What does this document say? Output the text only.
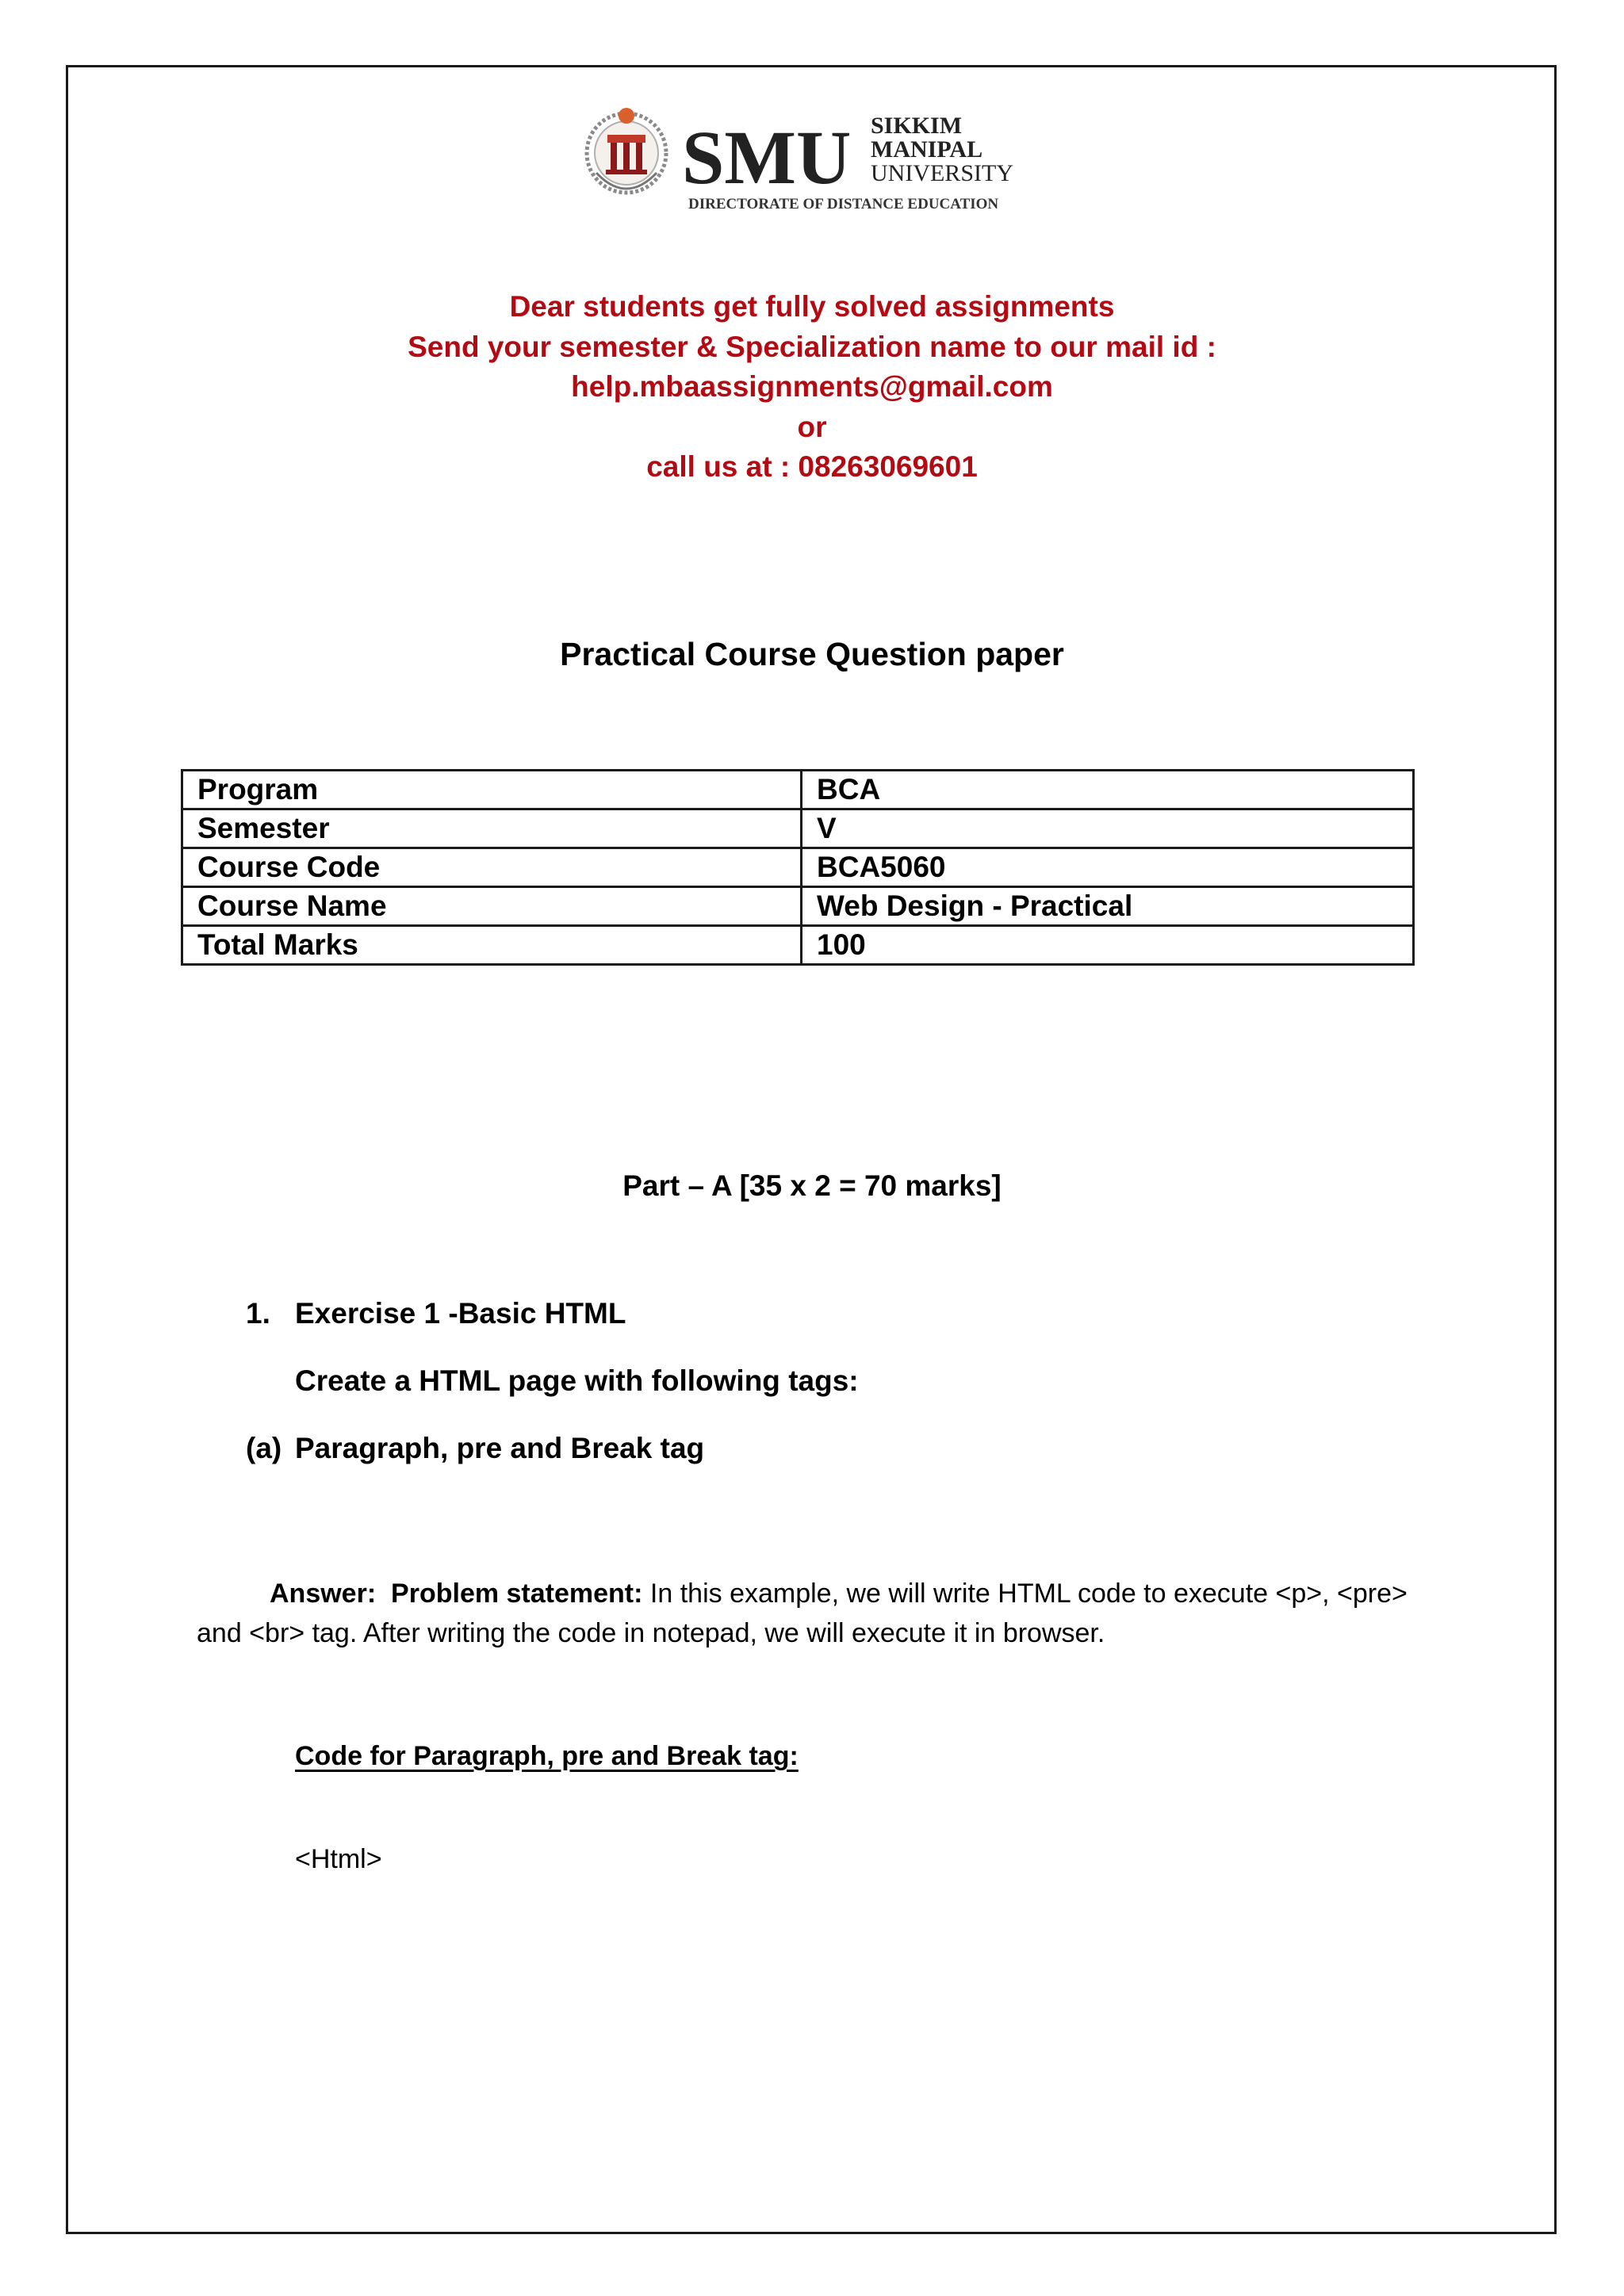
SMU SIKKIM
MANIPAL
UNIVERSITY
DIRECTORATE OF DISTANCE EDUCATION
Dear students get fully solved assignments
Send your semester & Specialization name to our mail id :
help.mbaassignments@gmail.com
or
call us at : 08263069601
Practical Course Question paper
Program	BCA
Semester	V
Course Code	BCA5060
Course Name	Web Design - Practical
Total Marks	100
Part – A [35 x 2 = 70 marks]
1. Exercise 1 -Basic HTML
Create a HTML page with following tags:
(a) Paragraph, pre and Break tag
Answer: Problem statement: In this example, we will write HTML code to execute <p>, <pre>
and <br> tag. After writing the code in notepad, we will execute it in browser.
Code for Paragraph, pre and Break tag:
<Html>
